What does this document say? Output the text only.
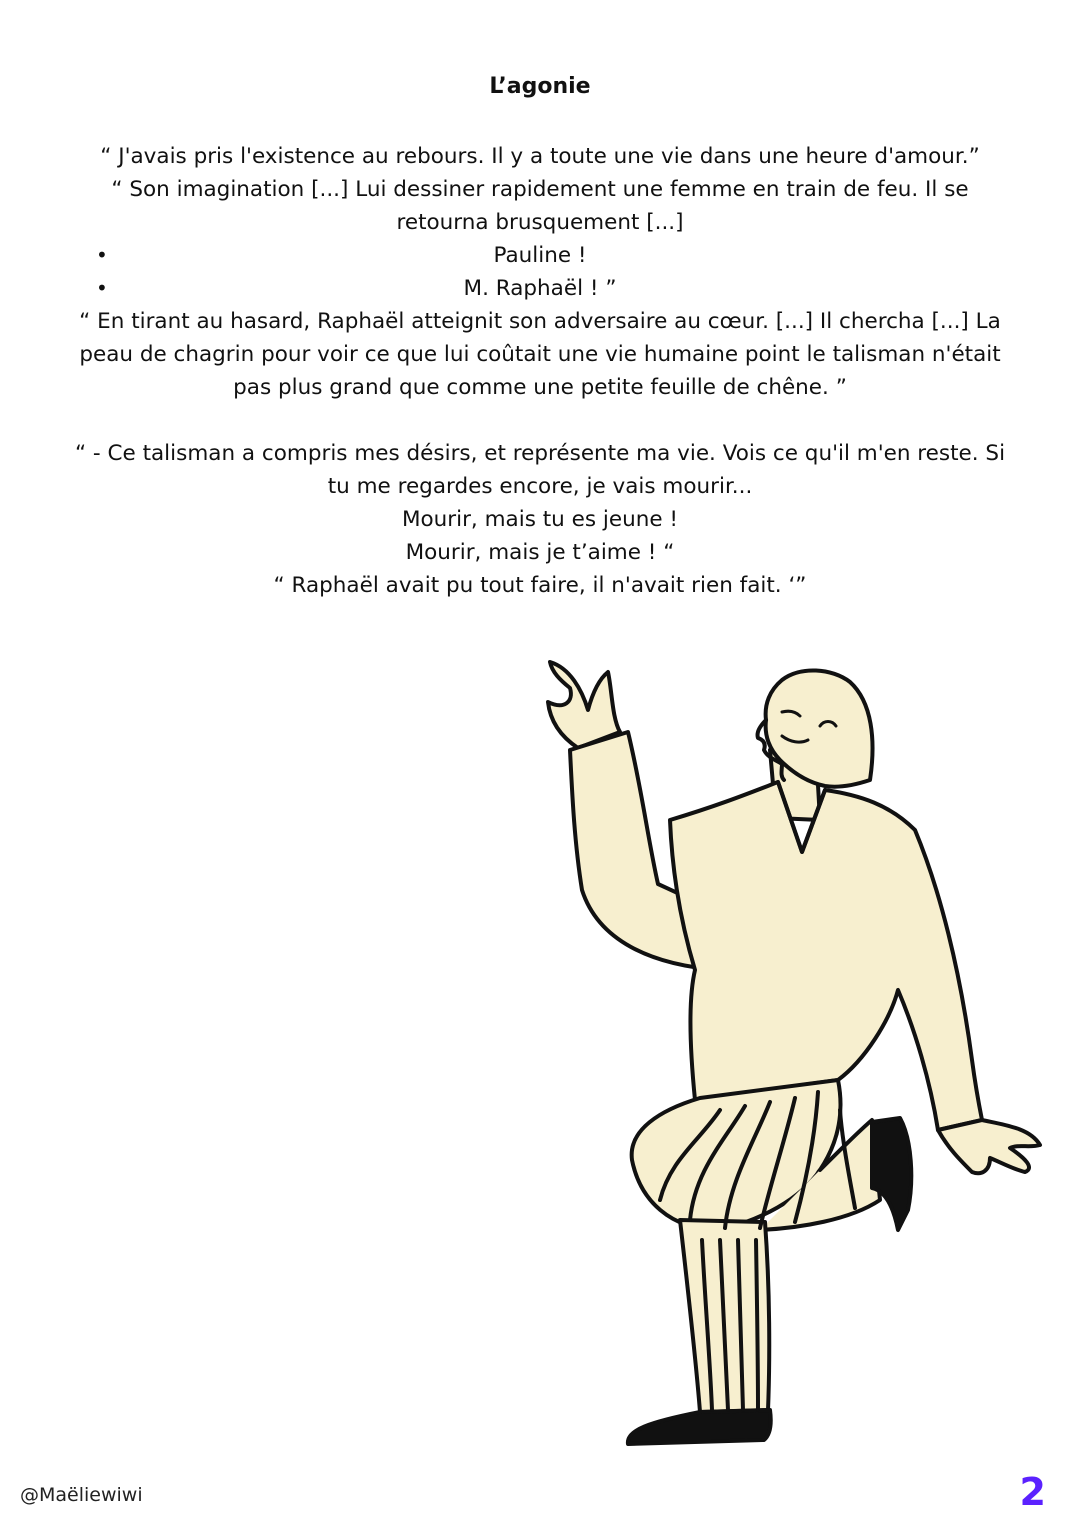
L’agonie

“ J'avais pris l'existence au rebours. Il y a toute une vie dans une heure d'amour.”

“ Son imagination [...] Lui dessiner rapidement une femme en train de feu. Il se

retourna brusquement [...]

•	Pauline !

•	M. Raphaël ! ”

“ En tirant au hasard, Raphaël atteignit son adversaire au cœur. [...] Il chercha [...] La

peau de chagrin pour voir ce que lui coûtait une vie humaine point le talisman n'était

pas plus grand que comme une petite feuille de chêne. ”

“ - Ce talisman a compris mes désirs, et représente ma vie. Vois ce qu'il m'en reste. Si

tu me regardes encore, je vais mourir...

Mourir, mais tu es jeune !

Mourir, mais je t’aime ! “

“ Raphaël avait pu tout faire, il n'avait rien fait. ‘”

@Maëliewiwi	2
